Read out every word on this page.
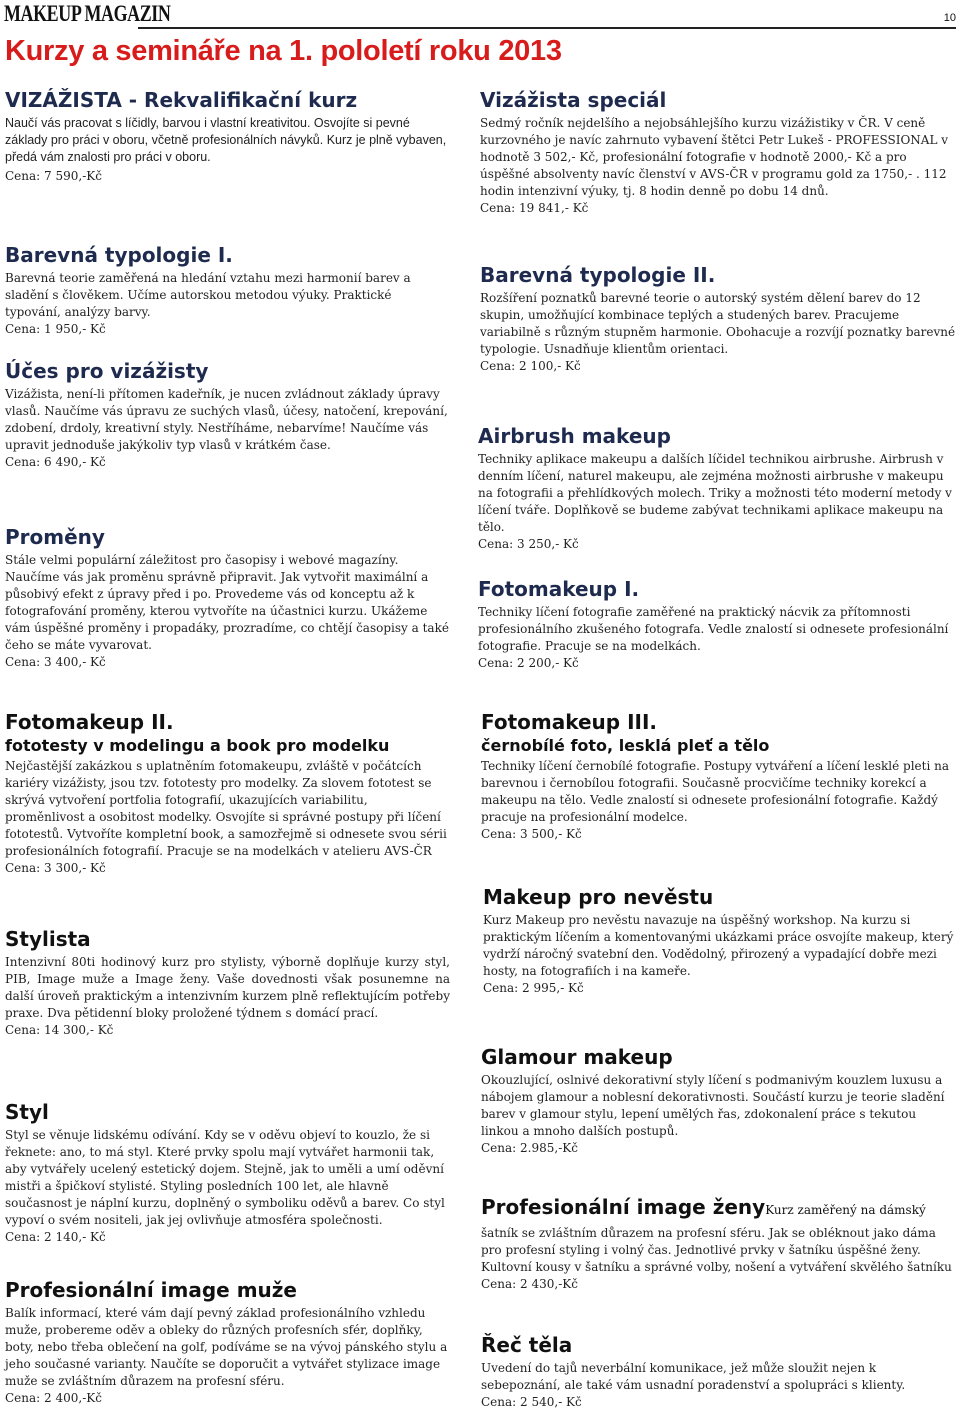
MAKEUP MAGAZIN	10
Kurzy a semináře na 1. pololetí roku 2013
VIZÁŽISTA - Rekvalifikační kurz

Naučí vás pracovat s líčidly, barvou i vlastní kreativitou. Osvojíte si pevné základy pro práci v oboru, včetně profesionálních návyků. Kurz je plně vybaven, předá vám znalosti pro práci v oboru.

Cena: 7 590,-Kč
Barevná typologie I.

Barevná teorie zaměřená na hledání vztahu mezi harmonií barev a sladění s člověkem. Učíme autorskou metodou výuky. Praktické typování, analýzy barvy.

Cena: 1 950,- Kč
Účes pro vizážisty

Vizážista, není-li přítomen kadeřník, je nucen zvládnout základy úpravy vlasů. Naučíme vás úpravu ze suchých vlasů, účesy, natočení, krepování, zdobení, drdoly, kreativní styly. Nestříháme, nebarvíme! Naučíme vás upravit jednoduše jakýkoliv typ vlasů v krátkém čase.

Cena: 6 490,- Kč
Proměny

Stále velmi populární záležitost pro časopisy i webové magazíny. Naučíme vás jak proměnu správně připravit. Jak vytvořit maximální a působivý efekt z úpravy před i po. Provedeme vás od konceptu až k fotografování proměny, kterou vytvoříte na účastnici kurzu. Ukážeme vám úspěšné proměny i propadáky, prozradíme, co chtějí časopisy a také čeho se máte vyvarovat.

Cena: 3 400,- Kč
Vizážista speciál

Sedmý ročník nejdelšího a nejobsáhlejšího kurzu vizážistiky v ČR. V ceně kurzovného je navíc zahrnuto vybavení štětci Petr Lukeš - PROFESSIONAL v hodnotě 3 502,- Kč, profesionální fotografie v hodnotě 2000,- Kč a pro úspěšné absolventy navíc členství v AVS-ČR v programu gold za 1750,- . 112 hodin intenzivní výuky, tj. 8 hodin denně po dobu 14 dnů.

Cena: 19 841,- Kč
Barevná typologie II.

Rozšíření poznatků barevné teorie o autorský systém dělení barev do 12 skupin, umožňující kombinace teplých a studených barev. Pracujeme variabilně s různým stupněm harmonie. Obohacuje a rozvíjí poznatky barevné typologie. Usnadňuje klientům orientaci.

Cena: 2 100,- Kč
Airbrush makeup

Techniky aplikace makeupu a dalších líčidel technikou airbrushe. Airbrush v denním líčení, naturel makeupu, ale zejména možnosti airbrushe v makeupu na fotografii a přehlídkových molech. Triky a možnosti této moderní metody v líčení tváře. Doplňkově se budeme zabývat technikami aplikace makeupu na tělo.

Cena: 3 250,- Kč
Fotomakeup I.

Techniky líčení fotografie zaměřené na praktický nácvik za přítomnosti profesionálního zkušeného fotografa. Vedle znalostí si odnesete profesionální fotografie. Pracuje se na modelkách.

Cena: 2 200,- Kč
Fotomakeup II.
fototesty v modelingu a book pro modelku

Nejčastější zakázkou s uplatněním fotomakeupu, zvláště v počátcích kariéry vizážisty, jsou tzv. fototesty pro modelky. Za slovem fototest se skrývá vytvoření portfolia fotografií, ukazujících variabilitu, proměnlivost a osobitost modelky. Osvojíte si správné postupy při líčení fototestů. Vytvoříte kompletní book, a samozřejmě si odnesete svou sérii profesionálních fotografií. Pracuje se na modelkách v atelieru AVS-ČR

Cena: 3 300,- Kč
Stylista

Intenzivní 80ti hodinový kurz pro stylisty, výborně doplňuje kurzy styl, PIB, Image muže a Image ženy. Vaše dovednosti však posunemne na další úroveň praktickým a intenzivním kurzem plně reflektujícím potřeby praxe. Dva pětidenní bloky proložené týdnem s domácí prací.

Cena: 14 300,- Kč
Styl

Styl se věnuje lidskému odívání. Kdy se v oděvu objeví to kouzlo, že si řeknete: ano, to má styl. Které prvky spolu mají vytvářet harmonii tak, aby vytvářely ucelený estetický dojem. Stejně, jak to uměli a umí oděvní mistři a špičkoví stylisté. Styling posledních 100 let, ale hlavně současnost je náplní kurzu, doplněný o symboliku oděvů a barev. Co styl vypoví o svém nositeli, jak jej ovlivňuje atmosféra společnosti.

Cena: 2 140,- Kč
Profesionální image muže

Balík informací, které vám dají pevný základ profesionálního vzhledu muže, probereme oděv a obleky do různých profesních sfér, doplňky, boty, nebo třeba oblečení na golf, podíváme se na vývoj pánského stylu a jeho současné varianty. Naučíte se doporučit a vytvářet stylizace image muže se zvláštním důrazem na profesní sféru.

Cena: 2 400,-Kč
Fotomakeup III.
černobílé foto, lesklá pleť a tělo

Techniky líčení černobílé fotografie. Postupy vytváření a líčení lesklé pleti na barevnou i černobílou fotografii. Současně procvičíme techniky korekcí a makeupu na tělo. Vedle znalostí si odnesete profesionální fotografie. Každý pracuje na profesionální modelce.

Cena: 3 500,- Kč
Makeup pro nevěstu

Kurz Makeup pro nevěstu navazuje na úspěšný workshop. Na kurzu si praktickým líčením a komentovanými ukázkami práce osvojíte makeup, který vydrží náročný svatební den. Vodědolný, přirozený a vypadající dobře mezi hosty, na fotografiích i na kameře.

Cena: 2 995,- Kč
Glamour makeup

Okouzlující, oslnivé dekorativní styly líčení s podmanivým kouzlem luxusu a nábojem glamour a noblesní dekorativnosti. Součástí kurzu je teorie sladění barev v glamour stylu, lepení umělých řas, zdokonalení práce s tekutou linkou a mnoho dalších postupů.

Cena: 2.985,-Kč
Profesionální image ženyKurz zaměřený na dámský

šatník se zvláštním důrazem na profesní sféru. Jak se obléknout jako dáma pro profesní styling i volný čas. Jednotlivé prvky v šatníku úspěšné ženy. Kultovní kousy v šatníku a správné volby, nošení a vytváření skvělého šatníku

Cena: 2 430,-Kč
Řeč těla

Uvedení do tajů neverbální komunikace, jež může sloužit nejen k sebepoznání, ale také vám usnadní poradenství a spolupráci s klienty.

Cena: 2 540,- Kč
